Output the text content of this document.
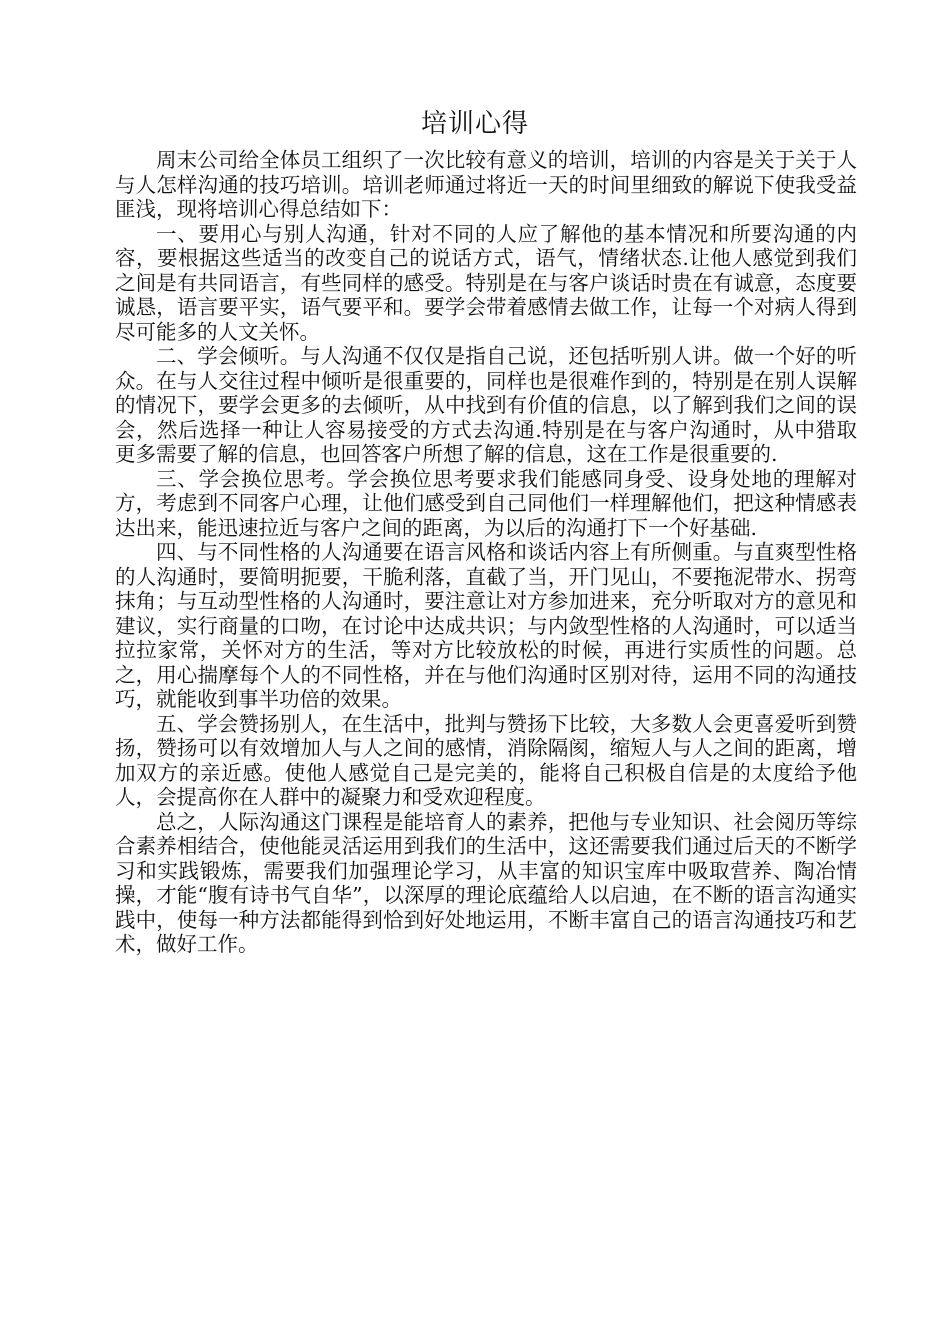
培训心得

周末公司给全体员工组织了一次比较有意义的培训，培训的内容是关于关于人与人怎样沟通的技巧培训。培训老师通过将近一天的时间里细致的解说下使我受益匪浅，现将培训心得总结如下：

一、要用心与别人沟通，针对不同的人应了解他的基本情况和所要沟通的内容，要根据这些适当的改变自己的说话方式，语气，情绪状态.让他人感觉到我们之间是有共同语言，有些同样的感受。特别是在与客户谈话时贵在有诚意，态度要诚恳，语言要平实，语气要平和。要学会带着感情去做工作，让每一个对病人得到尽可能多的人文关怀。

二、学会倾听。与人沟通不仅仅是指自己说，还包括听别人讲。做一个好的听众。在与人交往过程中倾听是很重要的，同样也是很难作到的，特别是在别人误解的情况下，要学会更多的去倾听，从中找到有价值的信息，以了解到我们之间的误会，然后选择一种让人容易接受的方式去沟通.特别是在与客户沟通时，从中猎取更多需要了解的信息，也回答客户所想了解的信息，这在工作是很重要的.

三、学会换位思考。学会换位思考要求我们能感同身受、设身处地的理解对方，考虑到不同客户心理，让他们感受到自己同他们一样理解他们，把这种情感表达出来，能迅速拉近与客户之间的距离，为以后的沟通打下一个好基础.

四、与不同性格的人沟通要在语言风格和谈话内容上有所侧重。与直爽型性格的人沟通时，要简明扼要，干脆利落，直截了当，开门见山，不要拖泥带水、拐弯抹角；与互动型性格的人沟通时，要注意让对方参加进来，充分听取对方的意见和建议，实行商量的口吻，在讨论中达成共识；与内敛型性格的人沟通时，可以适当拉拉家常，关怀对方的生活，等对方比较放松的时候，再进行实质性的问题。总之，用心揣摩每个人的不同性格，并在与他们沟通时区别对待，运用不同的沟通技巧，就能收到事半功倍的效果。

五、学会赞扬别人，在生活中，批判与赞扬下比较，大多数人会更喜爱听到赞扬，赞扬可以有效增加人与人之间的感情，消除隔阂，缩短人与人之间的距离，增加双方的亲近感。使他人感觉自己是完美的，能将自己积极自信是的太度给予他人，会提高你在人群中的凝聚力和受欢迎程度。

总之，人际沟通这门课程是能培育人的素养，把他与专业知识、社会阅历等综合素养相结合，使他能灵活运用到我们的生活中，这还需要我们通过后天的不断学习和实践锻炼，需要我们加强理论学习，从丰富的知识宝库中吸取营养、陶冶情操，才能“腹有诗书气自华”，以深厚的理论底蕴给人以启迪，在不断的语言沟通实践中，使每一种方法都能得到恰到好处地运用，不断丰富自己的语言沟通技巧和艺术，做好工作。
